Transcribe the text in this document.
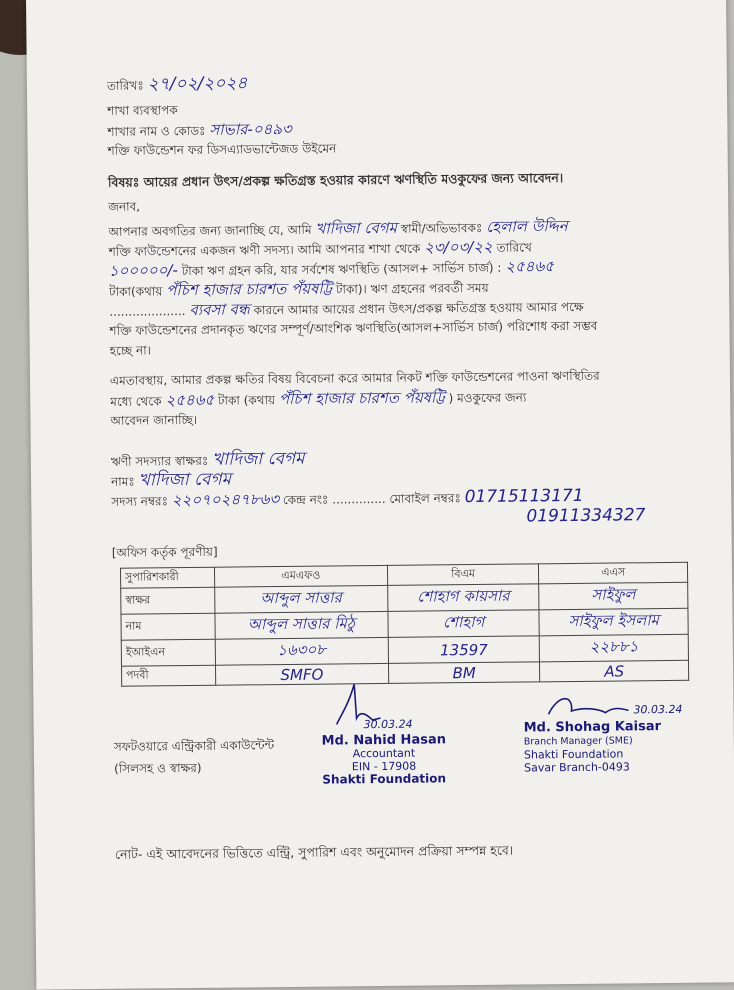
তারিখঃ ২৭/০২/২০২৪
শাখা ব্যবস্থাপক
শাখার নাম ও কোডঃ সাভার-০৪৯৩
শক্তি ফাউন্ডেশন ফর ডিসএ্যাডভান্টেজড উইমেন
বিষয়ঃ আয়ের প্রধান উৎস/প্রকল্প ক্ষতিগ্রস্ত হওয়ার কারণে ঋণস্থিতি মওকুফের জন্য আবেদন।
জনাব,
আপনার অবগতির জন্য জানাচ্ছি যে, আমি খাদিজা বেগম স্বামী/অভিভাবকঃ হেলাল উদ্দিন
শক্তি ফাউন্ডেশনের একজন ঋণী সদস্য। আমি আপনার শাখা থেকে ২৩/০৩/২২ তারিখে
১০০০০০/- টাকা ঋণ গ্রহন করি, যার সর্বশেষ ঋণস্থিতি (আসল+ সার্ভিস চার্জ) : ২৫৪৬৫
টাকা(কথায় পঁচিশ হাজার চারশত পঁয়ষট্টি টাকা)। ঋণ গ্রহনের পরবর্তী সময়
.................... ব্যবসা বন্ধ কারনে আমার আয়ের প্রধান উৎস/প্রকল্প ক্ষতিগ্রস্ত হওয়ায় আমার পক্ষে
শক্তি ফাউন্ডেশনের প্রদানকৃত ঋণের সম্পূর্ণ/আংশিক ঋণস্থিতি(আসল+সার্ভিস চার্জ) পরিশোধ করা সম্ভব
হচ্ছে না।
এমতাবস্থায়, আমার প্রকল্প ক্ষতির বিষয় বিবেচনা করে আমার নিকট শক্তি ফাউন্ডেশনের পাওনা ঋণস্থিতির
মধ্যে থেকে ২৫৪৬৫ টাকা (কথায় পঁচিশ হাজার চারশত পঁয়ষট্টি ) মওকুফের জন্য
আবেদন জানাচ্ছি।
ঋণী সদস্যার স্বাক্ষরঃ খাদিজা বেগম
নামঃ খাদিজা বেগম
সদস্য নম্বরঃ ২২০৭০২৪৭৮৬৩ কেন্দ্র নংঃ .............. মোবাইল নম্বরঃ 01715113171
01911334327
[অফিস কর্তৃক পূরণীয়]
সুপারিশকারী	এমএফও	বিএম	এএস
স্বাক্ষর	আব্দুল সাত্তার	শোহাগ কায়সার	সাইফুল
নাম	আব্দুল সাত্তার মিঠু	শোহাগ	সাইফুল ইসলাম
ইআইএন	১৬৩০৮	13597	২২৮৮১
পদবী	SMFO	BM	AS
সফটওয়ারে এন্ট্রিকারী একাউন্টেন্ট
(সিলসহ ও স্বাক্ষর)
30.03.24
Md. Nahid Hasan
Accountant
EIN - 17908
Shakti Foundation
30.03.24
Md. Shohag Kaisar
Branch Manager (SME)
Shakti Foundation
Savar Branch-0493
নোট- এই আবেদনের ভিত্তিতে এন্ট্রি, সুপারিশ এবং অনুমোদন প্রক্রিয়া সম্পন্ন হবে।
